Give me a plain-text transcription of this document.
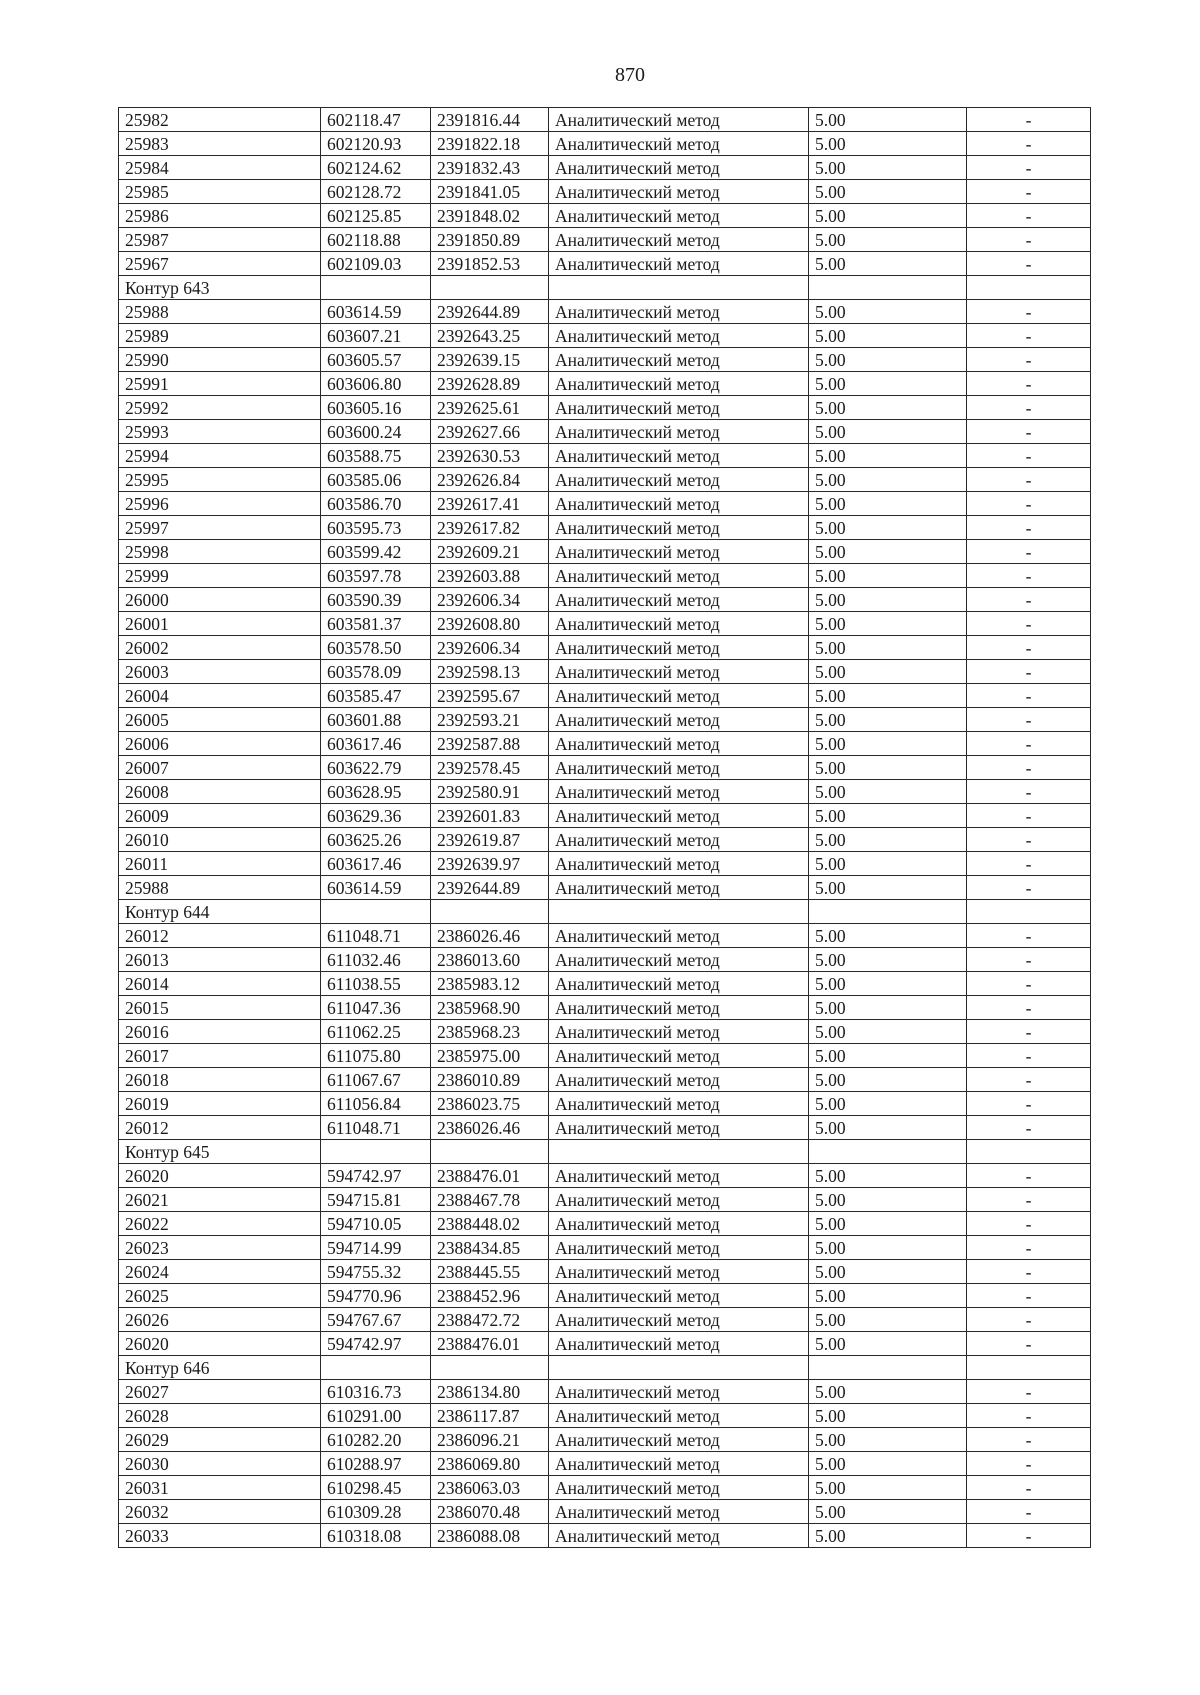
870
25982	602118.47	2391816.44	Аналитический метод	5.00	-
25983	602120.93	2391822.18	Аналитический метод	5.00	-
25984	602124.62	2391832.43	Аналитический метод	5.00	-
25985	602128.72	2391841.05	Аналитический метод	5.00	-
25986	602125.85	2391848.02	Аналитический метод	5.00	-
25987	602118.88	2391850.89	Аналитический метод	5.00	-
25967	602109.03	2391852.53	Аналитический метод	5.00	-
Контур 643					
25988	603614.59	2392644.89	Аналитический метод	5.00	-
25989	603607.21	2392643.25	Аналитический метод	5.00	-
25990	603605.57	2392639.15	Аналитический метод	5.00	-
25991	603606.80	2392628.89	Аналитический метод	5.00	-
25992	603605.16	2392625.61	Аналитический метод	5.00	-
25993	603600.24	2392627.66	Аналитический метод	5.00	-
25994	603588.75	2392630.53	Аналитический метод	5.00	-
25995	603585.06	2392626.84	Аналитический метод	5.00	-
25996	603586.70	2392617.41	Аналитический метод	5.00	-
25997	603595.73	2392617.82	Аналитический метод	5.00	-
25998	603599.42	2392609.21	Аналитический метод	5.00	-
25999	603597.78	2392603.88	Аналитический метод	5.00	-
26000	603590.39	2392606.34	Аналитический метод	5.00	-
26001	603581.37	2392608.80	Аналитический метод	5.00	-
26002	603578.50	2392606.34	Аналитический метод	5.00	-
26003	603578.09	2392598.13	Аналитический метод	5.00	-
26004	603585.47	2392595.67	Аналитический метод	5.00	-
26005	603601.88	2392593.21	Аналитический метод	5.00	-
26006	603617.46	2392587.88	Аналитический метод	5.00	-
26007	603622.79	2392578.45	Аналитический метод	5.00	-
26008	603628.95	2392580.91	Аналитический метод	5.00	-
26009	603629.36	2392601.83	Аналитический метод	5.00	-
26010	603625.26	2392619.87	Аналитический метод	5.00	-
26011	603617.46	2392639.97	Аналитический метод	5.00	-
25988	603614.59	2392644.89	Аналитический метод	5.00	-
Контур 644					
26012	611048.71	2386026.46	Аналитический метод	5.00	-
26013	611032.46	2386013.60	Аналитический метод	5.00	-
26014	611038.55	2385983.12	Аналитический метод	5.00	-
26015	611047.36	2385968.90	Аналитический метод	5.00	-
26016	611062.25	2385968.23	Аналитический метод	5.00	-
26017	611075.80	2385975.00	Аналитический метод	5.00	-
26018	611067.67	2386010.89	Аналитический метод	5.00	-
26019	611056.84	2386023.75	Аналитический метод	5.00	-
26012	611048.71	2386026.46	Аналитический метод	5.00	-
Контур 645					
26020	594742.97	2388476.01	Аналитический метод	5.00	-
26021	594715.81	2388467.78	Аналитический метод	5.00	-
26022	594710.05	2388448.02	Аналитический метод	5.00	-
26023	594714.99	2388434.85	Аналитический метод	5.00	-
26024	594755.32	2388445.55	Аналитический метод	5.00	-
26025	594770.96	2388452.96	Аналитический метод	5.00	-
26026	594767.67	2388472.72	Аналитический метод	5.00	-
26020	594742.97	2388476.01	Аналитический метод	5.00	-
Контур 646					
26027	610316.73	2386134.80	Аналитический метод	5.00	-
26028	610291.00	2386117.87	Аналитический метод	5.00	-
26029	610282.20	2386096.21	Аналитический метод	5.00	-
26030	610288.97	2386069.80	Аналитический метод	5.00	-
26031	610298.45	2386063.03	Аналитический метод	5.00	-
26032	610309.28	2386070.48	Аналитический метод	5.00	-
26033	610318.08	2386088.08	Аналитический метод	5.00	-
